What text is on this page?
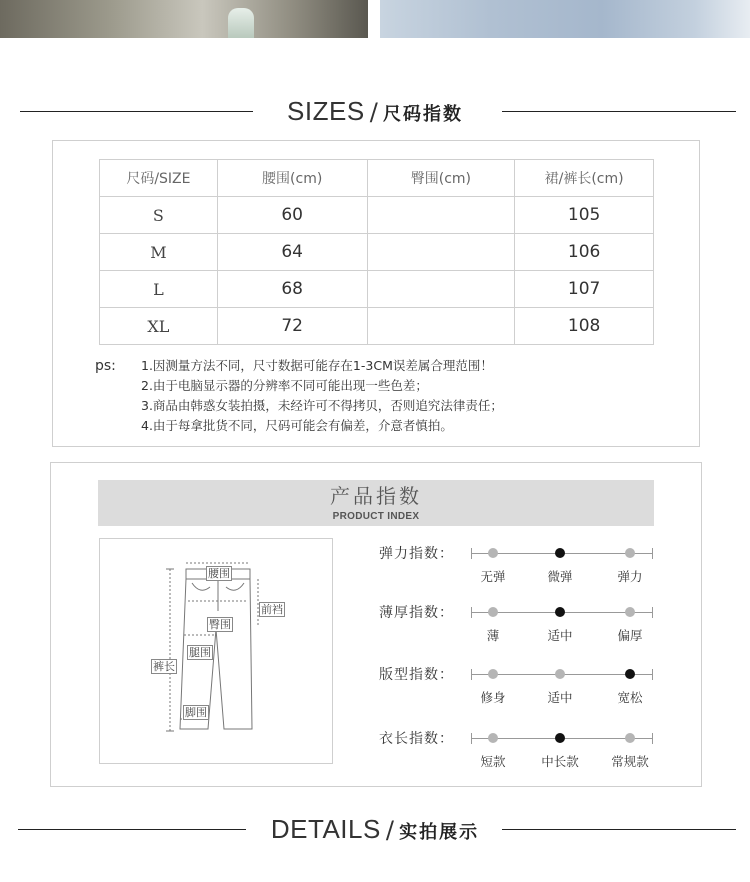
SIZES / 尺码指数
尺码/SIZE	腰围(cm)	臀围(cm)	裙/裤长(cm)
S	60		105
M	64		106
L	68		107
XL	72		108
ps: 1.因测量方法不同，尺寸数据可能存在1-3CM误差属合理范围！
2.由于电脑显示器的分辨率不同可能出现一些色差；
3.商品由韩惑女装拍摄，未经许可不得拷贝，否则追究法律责任；
4.由于每拿批货不同，尺码可能会有偏差，介意者慎拍。
产品指数
PRODUCT INDEX
腰围
前裆
臀围
腿围
裤长
脚围
弹力指数：
无弹	微弹	弹力
薄厚指数：
薄	适中	偏厚
版型指数：
修身	适中	宽松
衣长指数：
短款	中长款	常规款
DETAILS / 实拍展示
